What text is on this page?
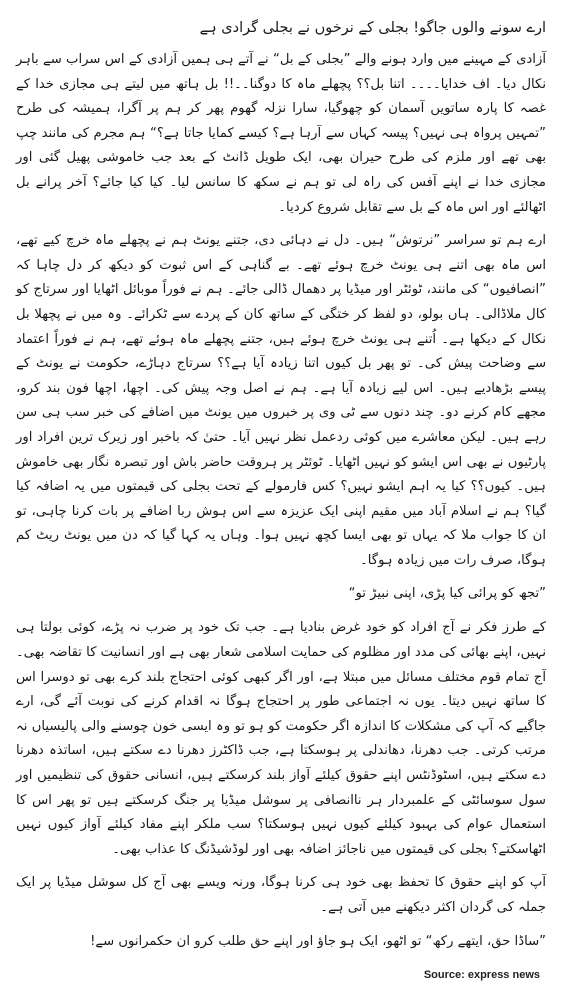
ارے سونے والوں جاگو! بجلی کے نرخوں نے بجلی گرادی ہے

آزادی کے مہینے میں وارد ہونے والے ”بجلی کے بل“ نے آتے ہی ہمیں آزادی کے اس سراب سے باہر نکال دیا۔ اف خدایا۔۔۔۔ اتنا بل؟؟ پچھلے ماہ کا دوگنا۔۔!! بل ہاتھ میں لیتے ہی مجازی خدا کے غصہ کا پارہ ساتویں آسمان کو چھوگیا، سارا نزلہ گھوم پھر کر ہم پر آگرا، ہمیشہ کی طرح ”تمہیں پرواہ ہی نہیں؟ پیسہ کہاں سے آرہا ہے؟ کیسے کمایا جاتا ہے؟“ ہم مجرم کی مانند چپ بھی تھے اور ملزم کی طرح حیران بھی، ایک طویل ڈانٹ کے بعد جب خاموشی پھیل گئی اور مجازی خدا نے اپنے آفس کی راہ لی تو ہم نے سکھ کا سانس لیا۔ کیا کیا جائے؟ آخر پرانے بل اٹھالئے اور اس ماہ کے بل سے تقابل شروع کردیا۔

ارے ہم تو سراسر ”نرتوش“ ہیں۔ دل نے دہائی دی، جتنے یونٹ ہم نے پچھلے ماہ خرچ کیے تھے، اس ماہ بھی اتنے ہی یونٹ خرچ ہوئے تھے۔ بے گناہی کے اس ثبوت کو دیکھ کر دل چاہا کہ ”انصافیوں“ کی مانند، ٹوئٹر اور میڈیا پر دھمال ڈالی جائے۔ ہم نے فوراً موبائل اٹھایا اور سرتاج کو کال ملاڈالی۔ ہاں بولو، دو لفظ کر ختگی کے ساتھ کان کے پردے سے ٹکرائے۔ وہ میں نے پچھلا بل نکال کے دیکھا ہے۔ اُتنے ہی یونٹ خرچ ہوئے ہیں، جتنے پچھلے ماہ ہوئے تھے، ہم نے فوراً اعتماد سے وضاحت پیش کی۔ تو پھر بل کیوں اتنا زیادہ آیا ہے؟؟ سرتاج دہاڑے، حکومت نے یونٹ کے پیسے بڑھادیے ہیں۔ اس لیے زیادہ آیا ہے۔ ہم نے اصل وجہ پیش کی۔ اچھا، اچھا فون بند کرو، مجھے کام کرنے دو۔ چند دنوں سے ٹی وی پر خبروں میں یونٹ میں اضافے کی خبر سب ہی سن رہے ہیں۔ لیکن معاشرے میں کوئی ردعمل نظر نہیں آیا۔ حتیٰ کہ باخبر اور زیرک ترین افراد اور پارٹیوں نے بھی اس ایشو کو نہیں اٹھایا۔ ٹوئٹر پر ہروقت حاضر باش اور تبصرہ نگار بھی خاموش ہیں۔ کیوں؟؟ کیا یہ اہم ایشو نہیں؟ کس فارمولے کے تحت بجلی کی قیمتوں میں یہ اضافہ کیا گیا؟ ہم نے اسلام آباد میں مقیم اپنی ایک عزیزہ سے اس ہوش ربا اضافے پر بات کرنا چاہی، تو ان کا جواب ملا کہ یہاں تو بھی ایسا کچھ نہیں ہوا۔ وہاں یہ کہا گیا کہ دن میں یونٹ ریٹ کم ہوگا، صرف رات میں زیادہ ہوگا۔

”تجھ کو پرائی کیا پڑی، اپنی نبیڑ تو“

کے طرز فکر نے آج افراد کو خود غرض بنادیا ہے۔ جب تک خود پر ضرب نہ پڑے، کوئی بولتا ہی نہیں، اپنے بھائی کی مدد اور مظلوم کی حمایت اسلامی شعار بھی ہے اور انسانیت کا تقاضہ بھی۔ آج تمام قوم مختلف مسائل میں مبتلا ہے، اور اگر کبھی کوئی احتجاج بلند کرے بھی تو دوسرا اس کا ساتھ نہیں دیتا۔ یوں نہ اجتماعی طور پر احتجاج ہوگا نہ اقدام کرنے کی نوبت آئے گی، ارے جاگیے کہ آپ کی مشکلات کا اندازہ اگر حکومت کو ہو تو وہ ایسی خون چوسنے والی پالیسیاں نہ مرتب کرتی۔ جب دھرنا، دھاندلی پر ہوسکتا ہے، جب ڈاکٹرز دھرنا دے سکتے ہیں، اساتذہ دھرنا دے سکتے ہیں، اسٹوڈنٹس اپنے حقوق کیلئے آواز بلند کرسکتے ہیں، انسانی حقوق کی تنظیمیں اور سول سوسائٹی کے علمبردار ہر ناانصافی پر سوشل میڈیا پر جنگ کرسکتے ہیں تو پھر اس کا استعمال عوام کی بہبود کیلئے کیوں نہیں ہوسکتا؟ سب ملکر اپنے مفاد کیلئے آواز کیوں نہیں اٹھاسکتے؟ بجلی کی قیمتوں میں ناجائز اضافہ بھی اور لوڈشیڈنگ کا عذاب بھی۔

آپ کو اپنے حقوق کا تحفظ بھی خود ہی کرنا ہوگا، ورنہ ویسے بھی آج کل سوشل میڈیا پر ایک جملہ کی گردان اکثر دیکھنے میں آتی ہے۔

”ساڈا حق، ایتھے رکھ“ تو اٹھو، ایک ہو جاؤ اور اپنے حق طلب کرو ان حکمرانوں سے!

Source: express news
